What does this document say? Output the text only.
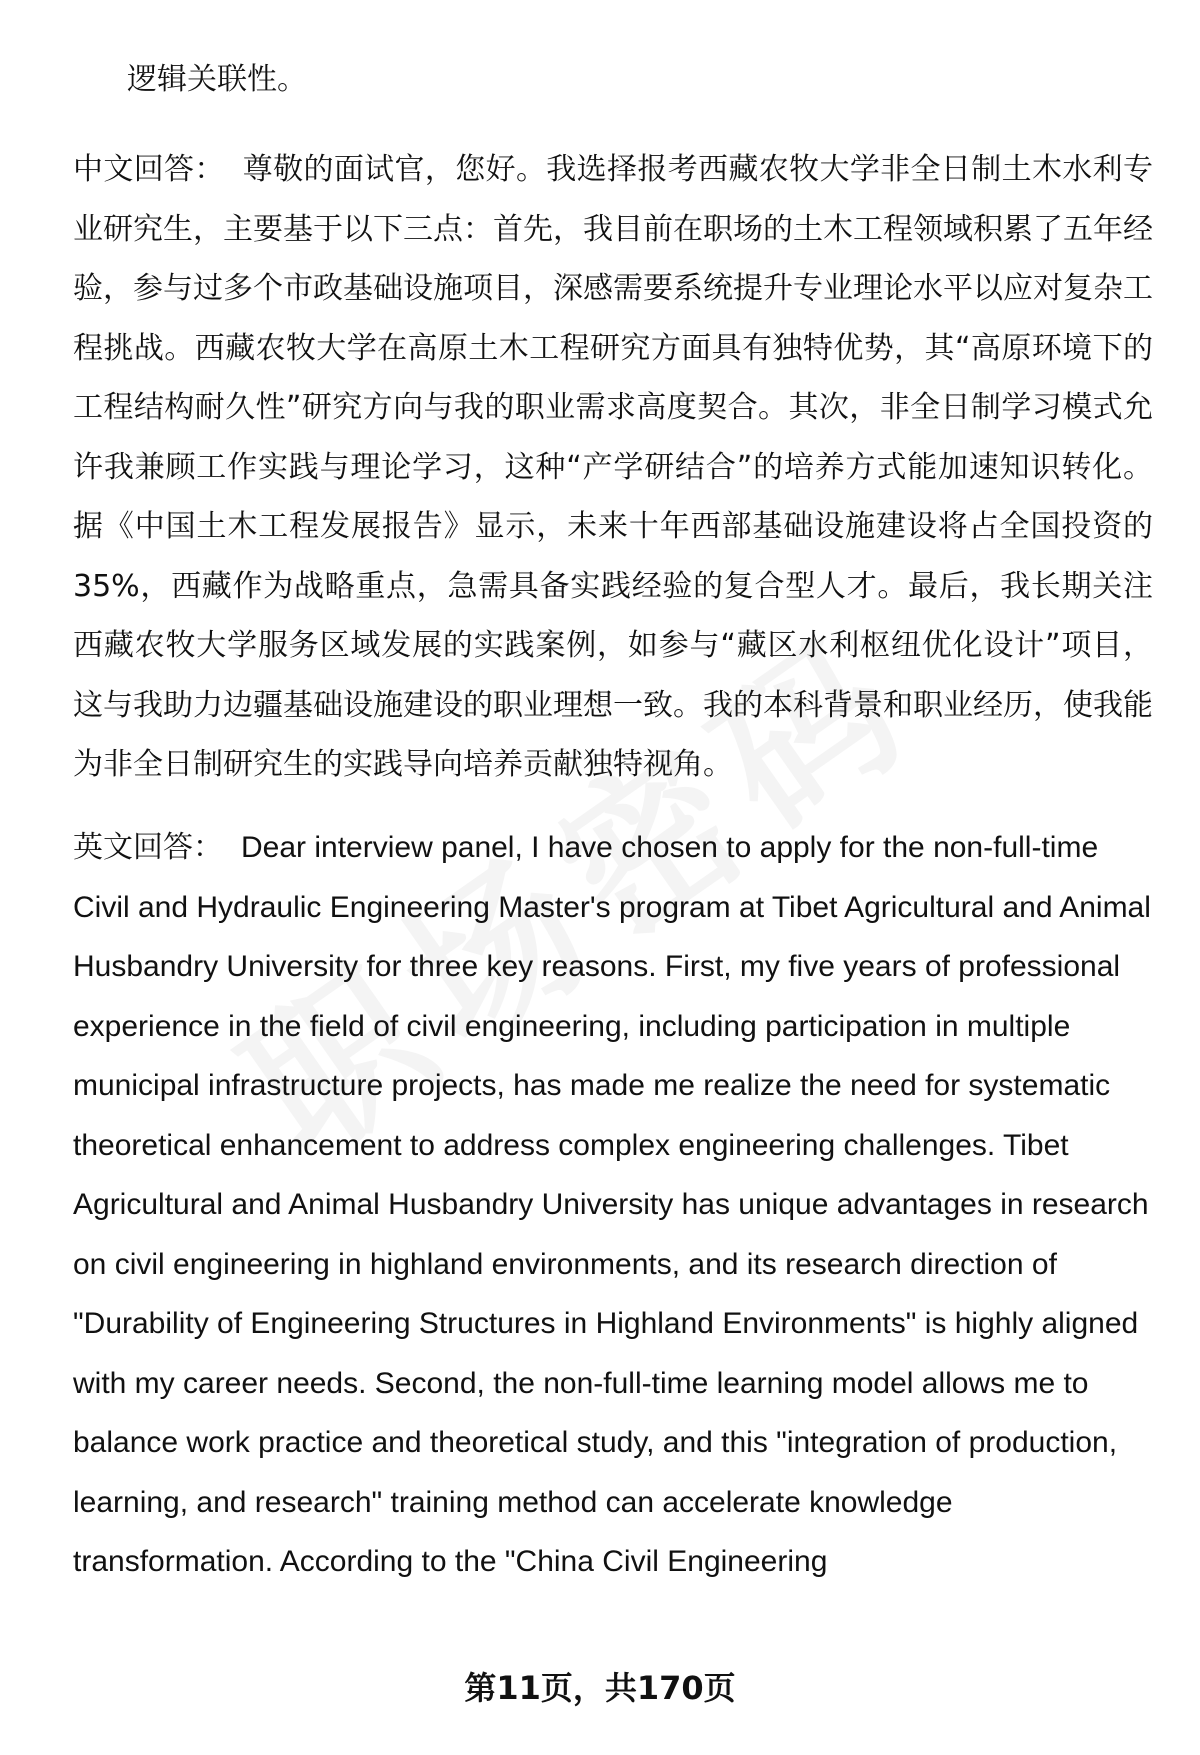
逻辑关联性。

中文回答： 尊敬的面试官，您好。我选择报考西藏农牧大学非全日制土木水利专业研究生，主要基于以下三点：首先，我目前在职场的土木工程领域积累了五年经验，参与过多个市政基础设施项目，深感需要系统提升专业理论水平以应对复杂工程挑战。西藏农牧大学在高原土木工程研究方面具有独特优势，其“高原环境下的工程结构耐久性”研究方向与我的职业需求高度契合。其次，非全日制学习模式允许我兼顾工作实践与理论学习，这种“产学研结合”的培养方式能加速知识转化。据《中国土木工程发展报告》显示，未来十年西部基础设施建设将占全国投资的35%，西藏作为战略重点，急需具备实践经验的复合型人才。最后，我长期关注西藏农牧大学服务区域发展的实践案例，如参与“藏区水利枢纽优化设计”项目，这与我助力边疆基础设施建设的职业理想一致。我的本科背景和职业经历，使我能为非全日制研究生的实践导向培养贡献独特视角。

英文回答： Dear interview panel, I have chosen to apply for the non-full-time Civil and Hydraulic Engineering Master's program at Tibet Agricultural and Animal Husbandry University for three key reasons. First, my five years of professional experience in the field of civil engineering, including participation in multiple municipal infrastructure projects, has made me realize the need for systematic theoretical enhancement to address complex engineering challenges. Tibet Agricultural and Animal Husbandry University has unique advantages in research on civil engineering in highland environments, and its research direction of "Durability of Engineering Structures in Highland Environments" is highly aligned with my career needs. Second, the non-full-time learning model allows me to balance work practice and theoretical study, and this "integration of production, learning, and research" training method can accelerate knowledge transformation. According to the "China Civil Engineering

第11页，共170页
